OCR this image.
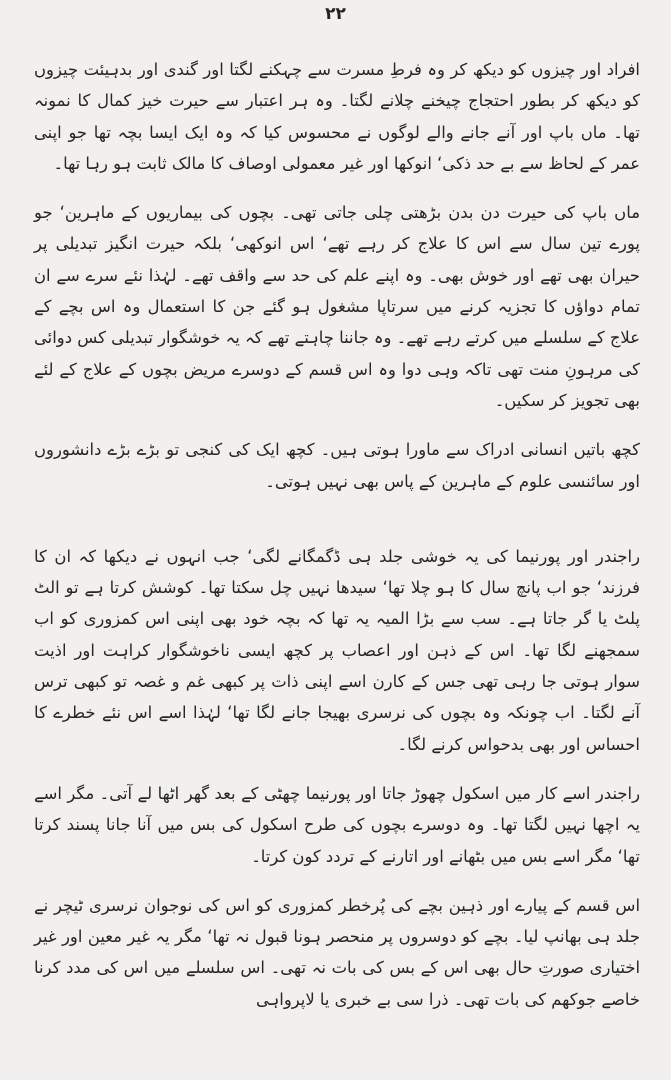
۲۲

افراد اور چیزوں کو دیکھ کر وہ فرطِ مسرت سے چہکنے لگتا اور گندی اور بدہیئت چیزوں کو دیکھ کر بطور احتجاج چیخنے چلانے لگتا۔ وہ ہر اعتبار سے حیرت خیز کمال کا نمونہ تھا۔ ماں باپ اور آنے جانے والے لوگوں نے محسوس کیا کہ وہ ایک ایسا بچہ تھا جو اپنی عمر کے لحاظ سے بے حد ذکی‘ انوکھا اور غیر معمولی اوصاف کا مالک ثابت ہو رہا تھا۔

ماں باپ کی حیرت دن بدن بڑھتی چلی جاتی تھی۔ بچوں کی بیماریوں کے ماہرین‘ جو پورے تین سال سے اس کا علاج کر رہے تھے‘ اس انوکھی‘ بلکہ حیرت انگیز تبدیلی پر حیران بھی تھے اور خوش بھی۔ وہ اپنے علم کی حد سے واقف تھے۔ لہٰذا نئے سرے سے ان تمام دواؤں کا تجزیہ کرنے میں سرتاپا مشغول ہو گئے جن کا استعمال وہ اس بچے کے علاج کے سلسلے میں کرتے رہے تھے۔ وہ جاننا چاہتے تھے کہ یہ خوشگوار تبدیلی کس دوائی کی مرہونِ منت تھی تاکہ وہی دوا وہ اس قسم کے دوسرے مریض بچوں کے علاج کے لئے بھی تجویز کر سکیں۔

کچھ باتیں انسانی ادراک سے ماورا ہوتی ہیں۔ کچھ ایک کی کنجی تو بڑے بڑے دانشوروں اور سائنسی علوم کے ماہرین کے پاس بھی نہیں ہوتی۔

راجندر اور پورنیما کی یہ خوشی جلد ہی ڈگمگانے لگی‘ جب انہوں نے دیکھا کہ ان کا فرزند‘ جو اب پانچ سال کا ہو چلا تھا‘ سیدھا نہیں چل سکتا تھا۔ کوشش کرتا ہے تو الٹ پلٹ یا گر جاتا ہے۔ سب سے بڑا المیہ یہ تھا کہ بچہ خود بھی اپنی اس کمزوری کو اب سمجھنے لگا تھا۔ اس کے ذہن اور اعصاب پر کچھ ایسی ناخوشگوار کراہت اور اذیت سوار ہوتی جا رہی تھی جس کے کارن اسے اپنی ذات پر کبھی غم و غصہ تو کبھی ترس آنے لگتا۔ اب چونکہ وہ بچوں کی نرسری بھیجا جانے لگا تھا‘ لہٰذا اسے اس نئے خطرے کا احساس اور بھی بدحواس کرنے لگا۔

راجندر اسے کار میں اسکول چھوڑ جاتا اور پورنیما چھٹی کے بعد گھر اٹھا لے آتی۔ مگر اسے یہ اچھا نہیں لگتا تھا۔ وہ دوسرے بچوں کی طرح اسکول کی بس میں آنا جانا پسند کرتا تھا‘ مگر اسے بس میں بٹھانے اور اتارنے کے تردد کون کرتا۔

اس قسم کے پیارے اور ذہین بچے کی پُرخطر کمزوری کو اس کی نوجوان نرسری ٹیچر نے جلد ہی بھانپ لیا۔ بچے کو دوسروں پر منحصر ہونا قبول نہ تھا‘ مگر یہ غیر معین اور غیر اختیاری صورتِ حال بھی اس کے بس کی بات نہ تھی۔ اس سلسلے میں اس کی مدد کرنا خاصے جوکھم کی بات تھی۔ ذرا سی بے خبری یا لاپرواہی
